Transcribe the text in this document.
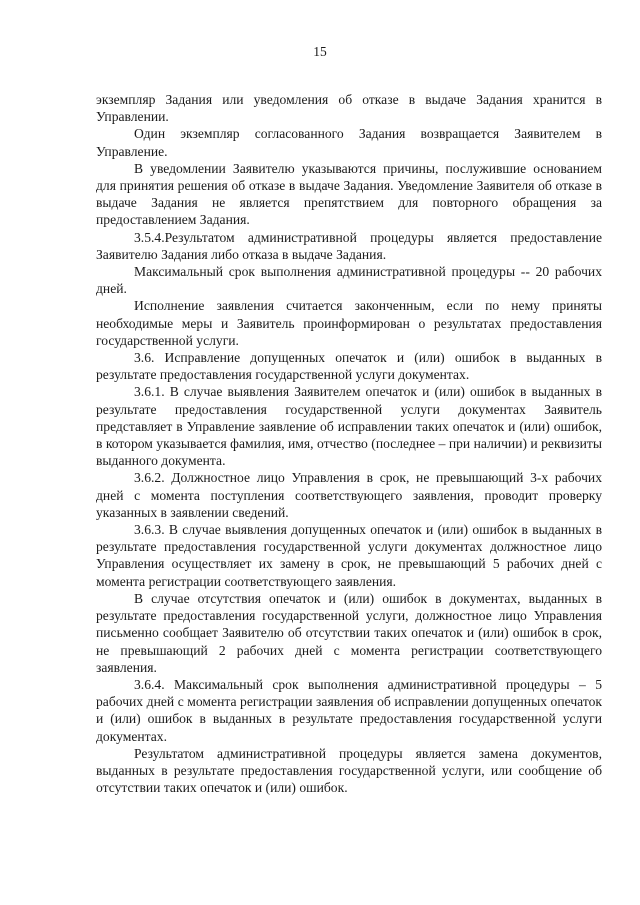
15

экземпляр Задания или уведомления об отказе в выдаче Задания хранится в Управлении.

Один экземпляр согласованного Задания возвращается Заявителем в Управление.

В уведомлении Заявителю указываются причины, послужившие основанием для принятия решения об отказе в выдаче Задания. Уведомление Заявителя об отказе в выдаче Задания не является препятствием для повторного обращения за предоставлением Задания.

3.5.4.Результатом административной процедуры является предоставление Заявителю Задания либо отказа в выдаче Задания.

Максимальный срок выполнения административной процедуры -- 20 рабочих дней.

Исполнение заявления считается законченным, если по нему приняты необходимые меры и Заявитель проинформирован о результатах предоставления государственной услуги.

3.6. Исправление допущенных опечаток и (или) ошибок в выданных в результате предоставления государственной услуги документах.

3.6.1. В случае выявления Заявителем опечаток и (или) ошибок в выданных в результате предоставления государственной услуги документах Заявитель представляет в Управление заявление об исправлении таких опечаток и (или) ошибок, в котором указывается фамилия, имя, отчество (последнее – при наличии) и реквизиты выданного документа.

3.6.2. Должностное лицо Управления в срок, не превышающий 3-х рабочих дней с момента поступления соответствующего заявления, проводит проверку указанных в заявлении сведений.

3.6.3. В случае выявления допущенных опечаток и (или) ошибок в выданных в результате предоставления государственной услуги документах должностное лицо Управления осуществляет их замену в срок, не превышающий 5 рабочих дней с момента регистрации соответствующего заявления.

В случае отсутствия опечаток и (или) ошибок в документах, выданных в результате предоставления государственной услуги, должностное лицо Управления письменно сообщает Заявителю об отсутствии таких опечаток и (или) ошибок в срок, не превышающий 2 рабочих дней с момента регистрации соответствующего заявления.

3.6.4. Максимальный срок выполнения административной процедуры – 5 рабочих дней с момента регистрации заявления об исправлении допущенных опечаток и (или) ошибок в выданных в результате предоставления государственной услуги документах.

Результатом административной процедуры является замена документов, выданных в результате предоставления государственной услуги, или сообщение об отсутствии таких опечаток и (или) ошибок.
